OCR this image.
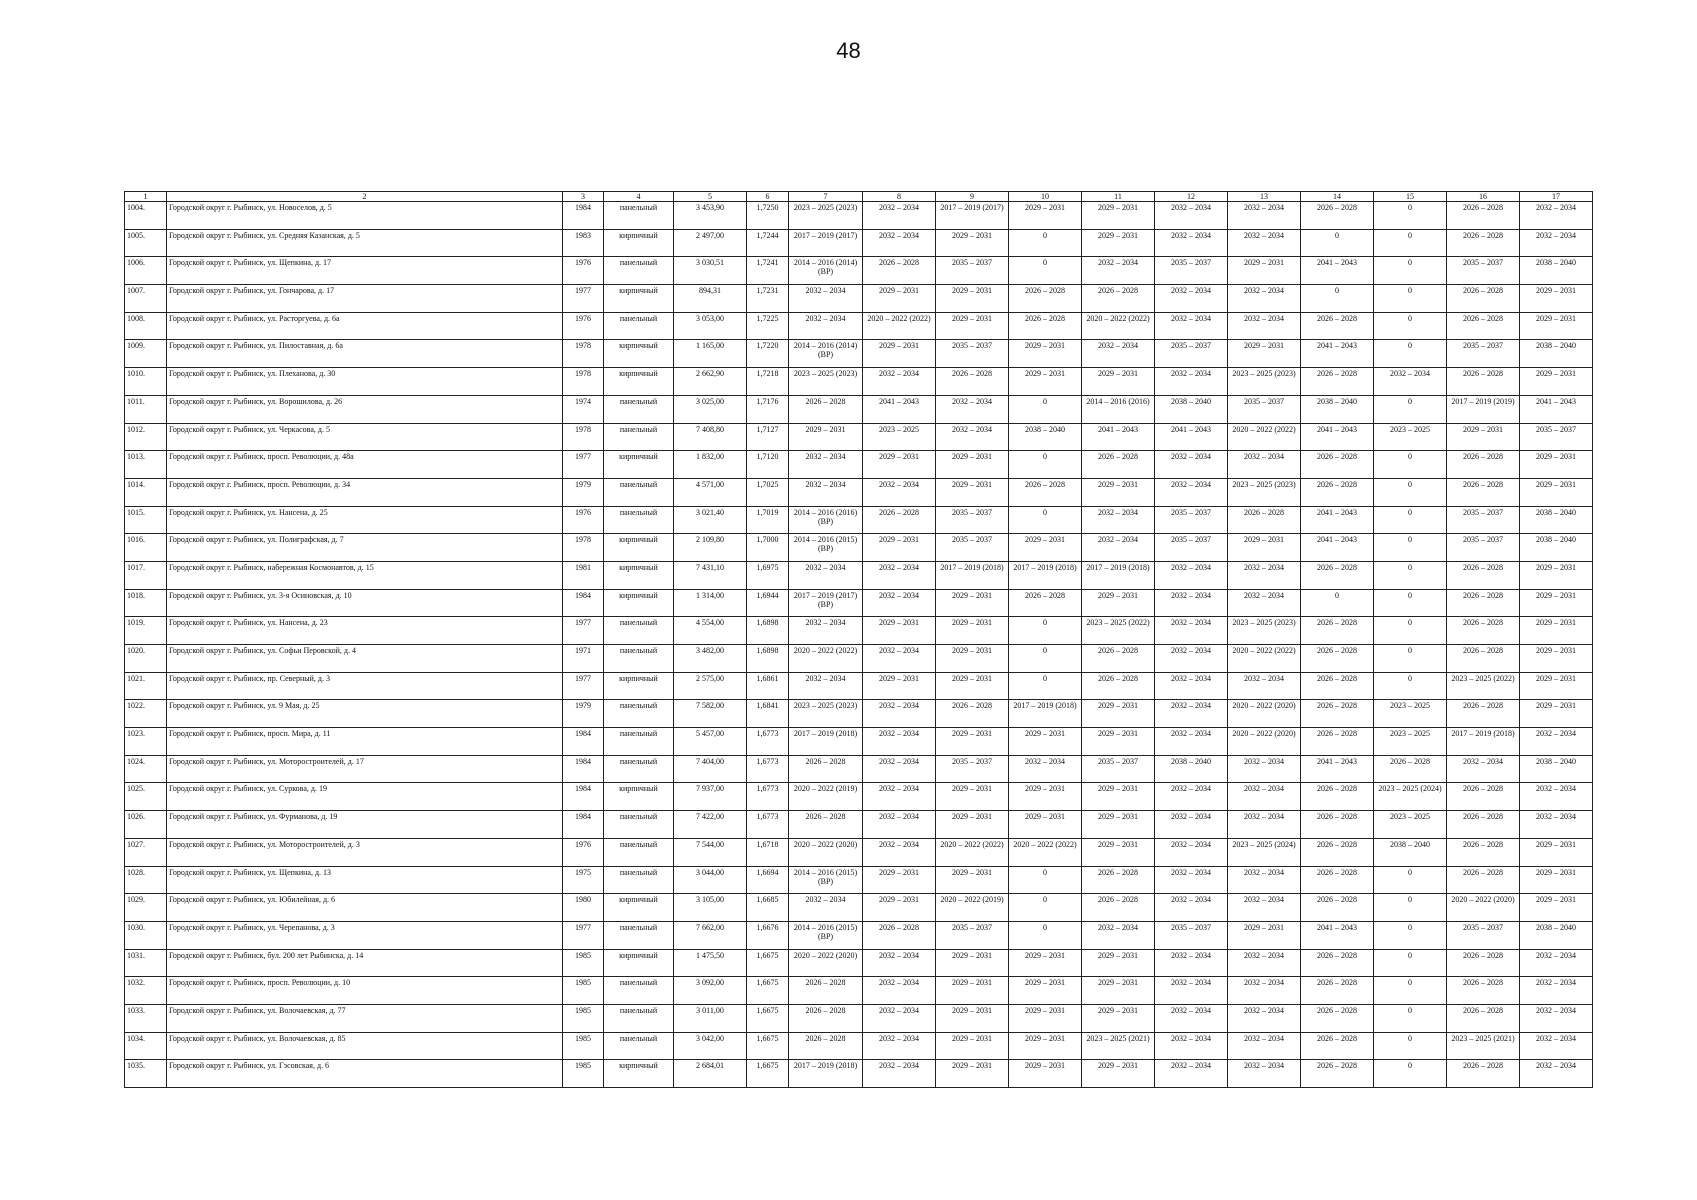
48
1	2	3	4	5	6	7	8	9	10	11	12	13	14	15	16	17
1004.	Городской округ г. Рыбинск, ул. Новоселов, д. 5	1984	панельный	3 453,90	1,7250	2023 – 2025 (2023)	2032 – 2034	2017 – 2019 (2017)	2029 – 2031	2029 – 2031	2032 – 2034	2032 – 2034	2026 – 2028	0	2026 – 2028	2032 – 2034
1005.	Городской округ г. Рыбинск, ул. Средняя Казанская, д. 5	1983	кирпичный	2 497,00	1,7244	2017 – 2019 (2017)	2032 – 2034	2029 – 2031	0	2029 – 2031	2032 – 2034	2032 – 2034	0	0	2026 – 2028	2032 – 2034
1006.	Городской округ г. Рыбинск, ул. Щепкина, д. 17	1976	панельный	3 030,51	1,7241	2014 – 2016 (2014) (ВР)	2026 – 2028	2035 – 2037	0	2032 – 2034	2035 – 2037	2029 – 2031	2041 – 2043	0	2035 – 2037	2038 – 2040
1007.	Городской округ г. Рыбинск, ул. Гончарова, д. 17	1977	кирпичный	894,31	1,7231	2032 – 2034	2029 – 2031	2029 – 2031	2026 – 2028	2026 – 2028	2032 – 2034	2032 – 2034	0	0	2026 – 2028	2029 – 2031
1008.	Городской округ г. Рыбинск, ул. Расторгуева, д. 6а	1976	панельный	3 053,00	1,7225	2032 – 2034	2020 – 2022 (2022)	2029 – 2031	2026 – 2028	2020 – 2022 (2022)	2032 – 2034	2032 – 2034	2026 – 2028	0	2026 – 2028	2029 – 2031
1009.	Городской округ г. Рыбинск, ул. Пилоставная, д. 6а	1978	кирпичный	1 165,00	1,7220	2014 – 2016 (2014) (ВР)	2029 – 2031	2035 – 2037	2029 – 2031	2032 – 2034	2035 – 2037	2029 – 2031	2041 – 2043	0	2035 – 2037	2038 – 2040
1010.	Городской округ г. Рыбинск, ул. Плеханова, д. 30	1978	кирпичный	2 662,90	1,7218	2023 – 2025 (2023)	2032 – 2034	2026 – 2028	2029 – 2031	2029 – 2031	2032 – 2034	2023 – 2025 (2023)	2026 – 2028	2032 – 2034	2026 – 2028	2029 – 2031
1011.	Городской округ г. Рыбинск, ул. Ворошилова, д. 26	1974	панельный	3 025,00	1,7176	2026 – 2028	2041 – 2043	2032 – 2034	0	2014 – 2016 (2016)	2038 – 2040	2035 – 2037	2038 – 2040	0	2017 – 2019 (2019)	2041 – 2043
1012.	Городской округ г. Рыбинск, ул. Черкасова, д. 5	1978	панельный	7 408,80	1,7127	2029 – 2031	2023 – 2025	2032 – 2034	2038 – 2040	2041 – 2043	2041 – 2043	2020 – 2022 (2022)	2041 – 2043	2023 – 2025	2029 – 2031	2035 – 2037
1013.	Городской округ г. Рыбинск, просп. Революции, д. 48а	1977	кирпичный	1 832,00	1,7120	2032 – 2034	2029 – 2031	2029 – 2031	0	2026 – 2028	2032 – 2034	2032 – 2034	2026 – 2028	0	2026 – 2028	2029 – 2031
1014.	Городской округ г. Рыбинск, просп. Революции, д. 34	1979	панельный	4 571,00	1,7025	2032 – 2034	2032 – 2034	2029 – 2031	2026 – 2028	2029 – 2031	2032 – 2034	2023 – 2025 (2023)	2026 – 2028	0	2026 – 2028	2029 – 2031
1015.	Городской округ г. Рыбинск, ул. Нансена, д. 25	1976	панельный	3 021,40	1,7019	2014 – 2016 (2016) (ВР)	2026 – 2028	2035 – 2037	0	2032 – 2034	2035 – 2037	2026 – 2028	2041 – 2043	0	2035 – 2037	2038 – 2040
1016.	Городской округ г. Рыбинск, ул. Полиграфская, д. 7	1978	кирпичный	2 109,80	1,7000	2014 – 2016 (2015) (ВР)	2029 – 2031	2035 – 2037	2029 – 2031	2032 – 2034	2035 – 2037	2029 – 2031	2041 – 2043	0	2035 – 2037	2038 – 2040
1017.	Городской округ г. Рыбинск, набережная Космонавтов, д. 15	1981	кирпичный	7 431,10	1,6975	2032 – 2034	2032 – 2034	2017 – 2019 (2018)	2017 – 2019 (2018)	2017 – 2019 (2018)	2032 – 2034	2032 – 2034	2026 – 2028	0	2026 – 2028	2029 – 2031
1018.	Городской округ г. Рыбинск, ул. 3-я Осиновская, д. 10	1984	кирпичный	1 314,00	1,6944	2017 – 2019 (2017) (ВР)	2032 – 2034	2029 – 2031	2026 – 2028	2029 – 2031	2032 – 2034	2032 – 2034	0	0	2026 – 2028	2029 – 2031
1019.	Городской округ г. Рыбинск, ул. Нансена, д. 23	1977	панельный	4 554,00	1,6898	2032 – 2034	2029 – 2031	2029 – 2031	0	2023 – 2025 (2022)	2032 – 2034	2023 – 2025 (2023)	2026 – 2028	0	2026 – 2028	2029 – 2031
1020.	Городской округ г. Рыбинск, ул. Софьи Перовской, д. 4	1971	панельный	3 482,00	1,6898	2020 – 2022 (2022)	2032 – 2034	2029 – 2031	0	2026 – 2028	2032 – 2034	2020 – 2022 (2022)	2026 – 2028	0	2026 – 2028	2029 – 2031
1021.	Городской округ г. Рыбинск, пр. Северный, д. 3	1977	кирпичный	2 575,00	1,6861	2032 – 2034	2029 – 2031	2029 – 2031	0	2026 – 2028	2032 – 2034	2032 – 2034	2026 – 2028	0	2023 – 2025 (2022)	2029 – 2031
1022.	Городской округ г. Рыбинск, ул. 9 Мая, д. 25	1979	панельный	7 582,00	1,6841	2023 – 2025 (2023)	2032 – 2034	2026 – 2028	2017 – 2019 (2018)	2029 – 2031	2032 – 2034	2020 – 2022 (2020)	2026 – 2028	2023 – 2025	2026 – 2028	2029 – 2031
1023.	Городской округ г. Рыбинск, просп. Мира, д. 11	1984	панельный	5 457,00	1,6773	2017 – 2019 (2018)	2032 – 2034	2029 – 2031	2029 – 2031	2029 – 2031	2032 – 2034	2020 – 2022 (2020)	2026 – 2028	2023 – 2025	2017 – 2019 (2018)	2032 – 2034
1024.	Городской округ г. Рыбинск, ул. Моторостроителей, д. 17	1984	панельный	7 404,00	1,6773	2026 – 2028	2032 – 2034	2035 – 2037	2032 – 2034	2035 – 2037	2038 – 2040	2032 – 2034	2041 – 2043	2026 – 2028	2032 – 2034	2038 – 2040
1025.	Городской округ г. Рыбинск, ул. Суркова, д. 19	1984	кирпичный	7 937,00	1,6773	2020 – 2022 (2019)	2032 – 2034	2029 – 2031	2029 – 2031	2029 – 2031	2032 – 2034	2032 – 2034	2026 – 2028	2023 – 2025 (2024)	2026 – 2028	2032 – 2034
1026.	Городской округ г. Рыбинск, ул. Фурманова, д. 19	1984	панельный	7 422,00	1,6773	2026 – 2028	2032 – 2034	2029 – 2031	2029 – 2031	2029 – 2031	2032 – 2034	2032 – 2034	2026 – 2028	2023 – 2025	2026 – 2028	2032 – 2034
1027.	Городской округ г. Рыбинск, ул. Моторостроителей, д. 3	1976	панельный	7 544,00	1,6718	2020 – 2022 (2020)	2032 – 2034	2020 – 2022 (2022)	2020 – 2022 (2022)	2029 – 2031	2032 – 2034	2023 – 2025 (2024)	2026 – 2028	2038 – 2040	2026 – 2028	2029 – 2031
1028.	Городской округ г. Рыбинск, ул. Щепкина, д. 13	1975	панельный	3 044,00	1,6694	2014 – 2016 (2015) (ВР)	2029 – 2031	2029 – 2031	0	2026 – 2028	2032 – 2034	2032 – 2034	2026 – 2028	0	2026 – 2028	2029 – 2031
1029.	Городской округ г. Рыбинск, ул. Юбилейная, д. 6	1980	кирпичный	3 105,00	1,6685	2032 – 2034	2029 – 2031	2020 – 2022 (2019)	0	2026 – 2028	2032 – 2034	2032 – 2034	2026 – 2028	0	2020 – 2022 (2020)	2029 – 2031
1030.	Городской округ г. Рыбинск, ул. Черепанова, д. 3	1977	панельный	7 662,00	1,6676	2014 – 2016 (2015) (ВР)	2026 – 2028	2035 – 2037	0	2032 – 2034	2035 – 2037	2029 – 2031	2041 – 2043	0	2035 – 2037	2038 – 2040
1031.	Городской округ г. Рыбинск, бул. 200 лет Рыбинска, д. 14	1985	кирпичный	1 475,50	1,6675	2020 – 2022 (2020)	2032 – 2034	2029 – 2031	2029 – 2031	2029 – 2031	2032 – 2034	2032 – 2034	2026 – 2028	0	2026 – 2028	2032 – 2034
1032.	Городской округ г. Рыбинск, просп. Революции, д. 10	1985	панельный	3 092,00	1,6675	2026 – 2028	2032 – 2034	2029 – 2031	2029 – 2031	2029 – 2031	2032 – 2034	2032 – 2034	2026 – 2028	0	2026 – 2028	2032 – 2034
1033.	Городской округ г. Рыбинск, ул. Волочаевская, д. 77	1985	панельный	3 011,00	1,6675	2026 – 2028	2032 – 2034	2029 – 2031	2029 – 2031	2029 – 2031	2032 – 2034	2032 – 2034	2026 – 2028	0	2026 – 2028	2032 – 2034
1034.	Городской округ г. Рыбинск, ул. Волочаевская, д. 85	1985	панельный	3 042,00	1,6675	2026 – 2028	2032 – 2034	2029 – 2031	2029 – 2031	2023 – 2025 (2021)	2032 – 2034	2032 – 2034	2026 – 2028	0	2023 – 2025 (2021)	2032 – 2034
1035.	Городской округ г. Рыбинск, ул. Гэсовская, д. 6	1985	кирпичный	2 684,01	1,6675	2017 – 2019 (2018)	2032 – 2034	2029 – 2031	2029 – 2031	2029 – 2031	2032 – 2034	2032 – 2034	2026 – 2028	0	2026 – 2028	2032 – 2034
